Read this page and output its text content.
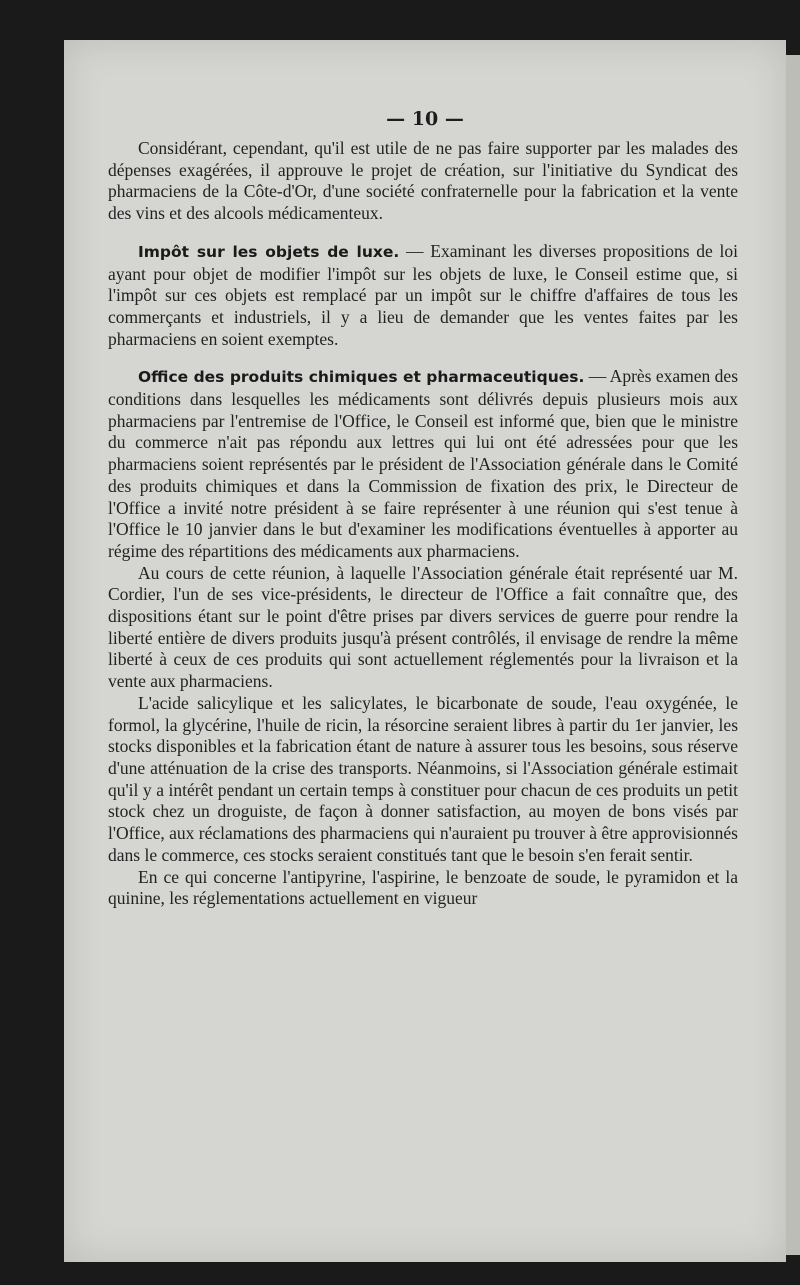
— 10 —

Considérant, cependant, qu'il est utile de ne pas faire supporter par les malades des dépenses exagérées, il approuve le projet de création, sur l'initiative du Syndicat des pharmaciens de la Côte-d'Or, d'une société confraternelle pour la fabrication et la vente des vins et des alcools médicamenteux.

Impôt sur les objets de luxe. — Examinant les diverses propositions de loi ayant pour objet de modifier l'impôt sur les objets de luxe, le Conseil estime que, si l'impôt sur ces objets est remplacé par un impôt sur le chiffre d'affaires de tous les commerçants et industriels, il y a lieu de demander que les ventes faites par les pharmaciens en soient exemptes.

Office des produits chimiques et pharmaceutiques. — Après examen des conditions dans lesquelles les médicaments sont délivrés depuis plusieurs mois aux pharmaciens par l'entremise de l'Office, le Conseil est informé que, bien que le ministre du commerce n'ait pas répondu aux lettres qui lui ont été adressées pour que les pharmaciens soient représentés par le président de l'Association générale dans le Comité des produits chimiques et dans la Commission de fixation des prix, le Directeur de l'Office a invité notre président à se faire représenter à une réunion qui s'est tenue à l'Office le 10 janvier dans le but d'examiner les modifications éventuelles à apporter au régime des répartitions des médicaments aux pharmaciens.

Au cours de cette réunion, à laquelle l'Association générale était représenté uar M. Cordier, l'un de ses vice-présidents, le directeur de l'Office a fait connaître que, des dispositions étant sur le point d'être prises par divers services de guerre pour rendre la liberté entière de divers produits jusqu'à présent contrôlés, il envisage de rendre la même liberté à ceux de ces produits qui sont actuellement réglementés pour la livraison et la vente aux pharmaciens.

L'acide salicylique et les salicylates, le bicarbonate de soude, l'eau oxygénée, le formol, la glycérine, l'huile de ricin, la résorcine seraient libres à partir du 1er janvier, les stocks disponibles et la fabrication étant de nature à assurer tous les besoins, sous réserve d'une atténuation de la crise des transports. Néanmoins, si l'Association générale estimait qu'il y a intérêt pendant un certain temps à constituer pour chacun de ces produits un petit stock chez un droguiste, de façon à donner satisfaction, au moyen de bons visés par l'Office, aux réclamations des pharmaciens qui n'auraient pu trouver à être approvisionnés dans le commerce, ces stocks seraient constitués tant que le besoin s'en ferait sentir.

En ce qui concerne l'antipyrine, l'aspirine, le benzoate de soude, le pyramidon et la quinine, les réglementations actuellement en vigueur
